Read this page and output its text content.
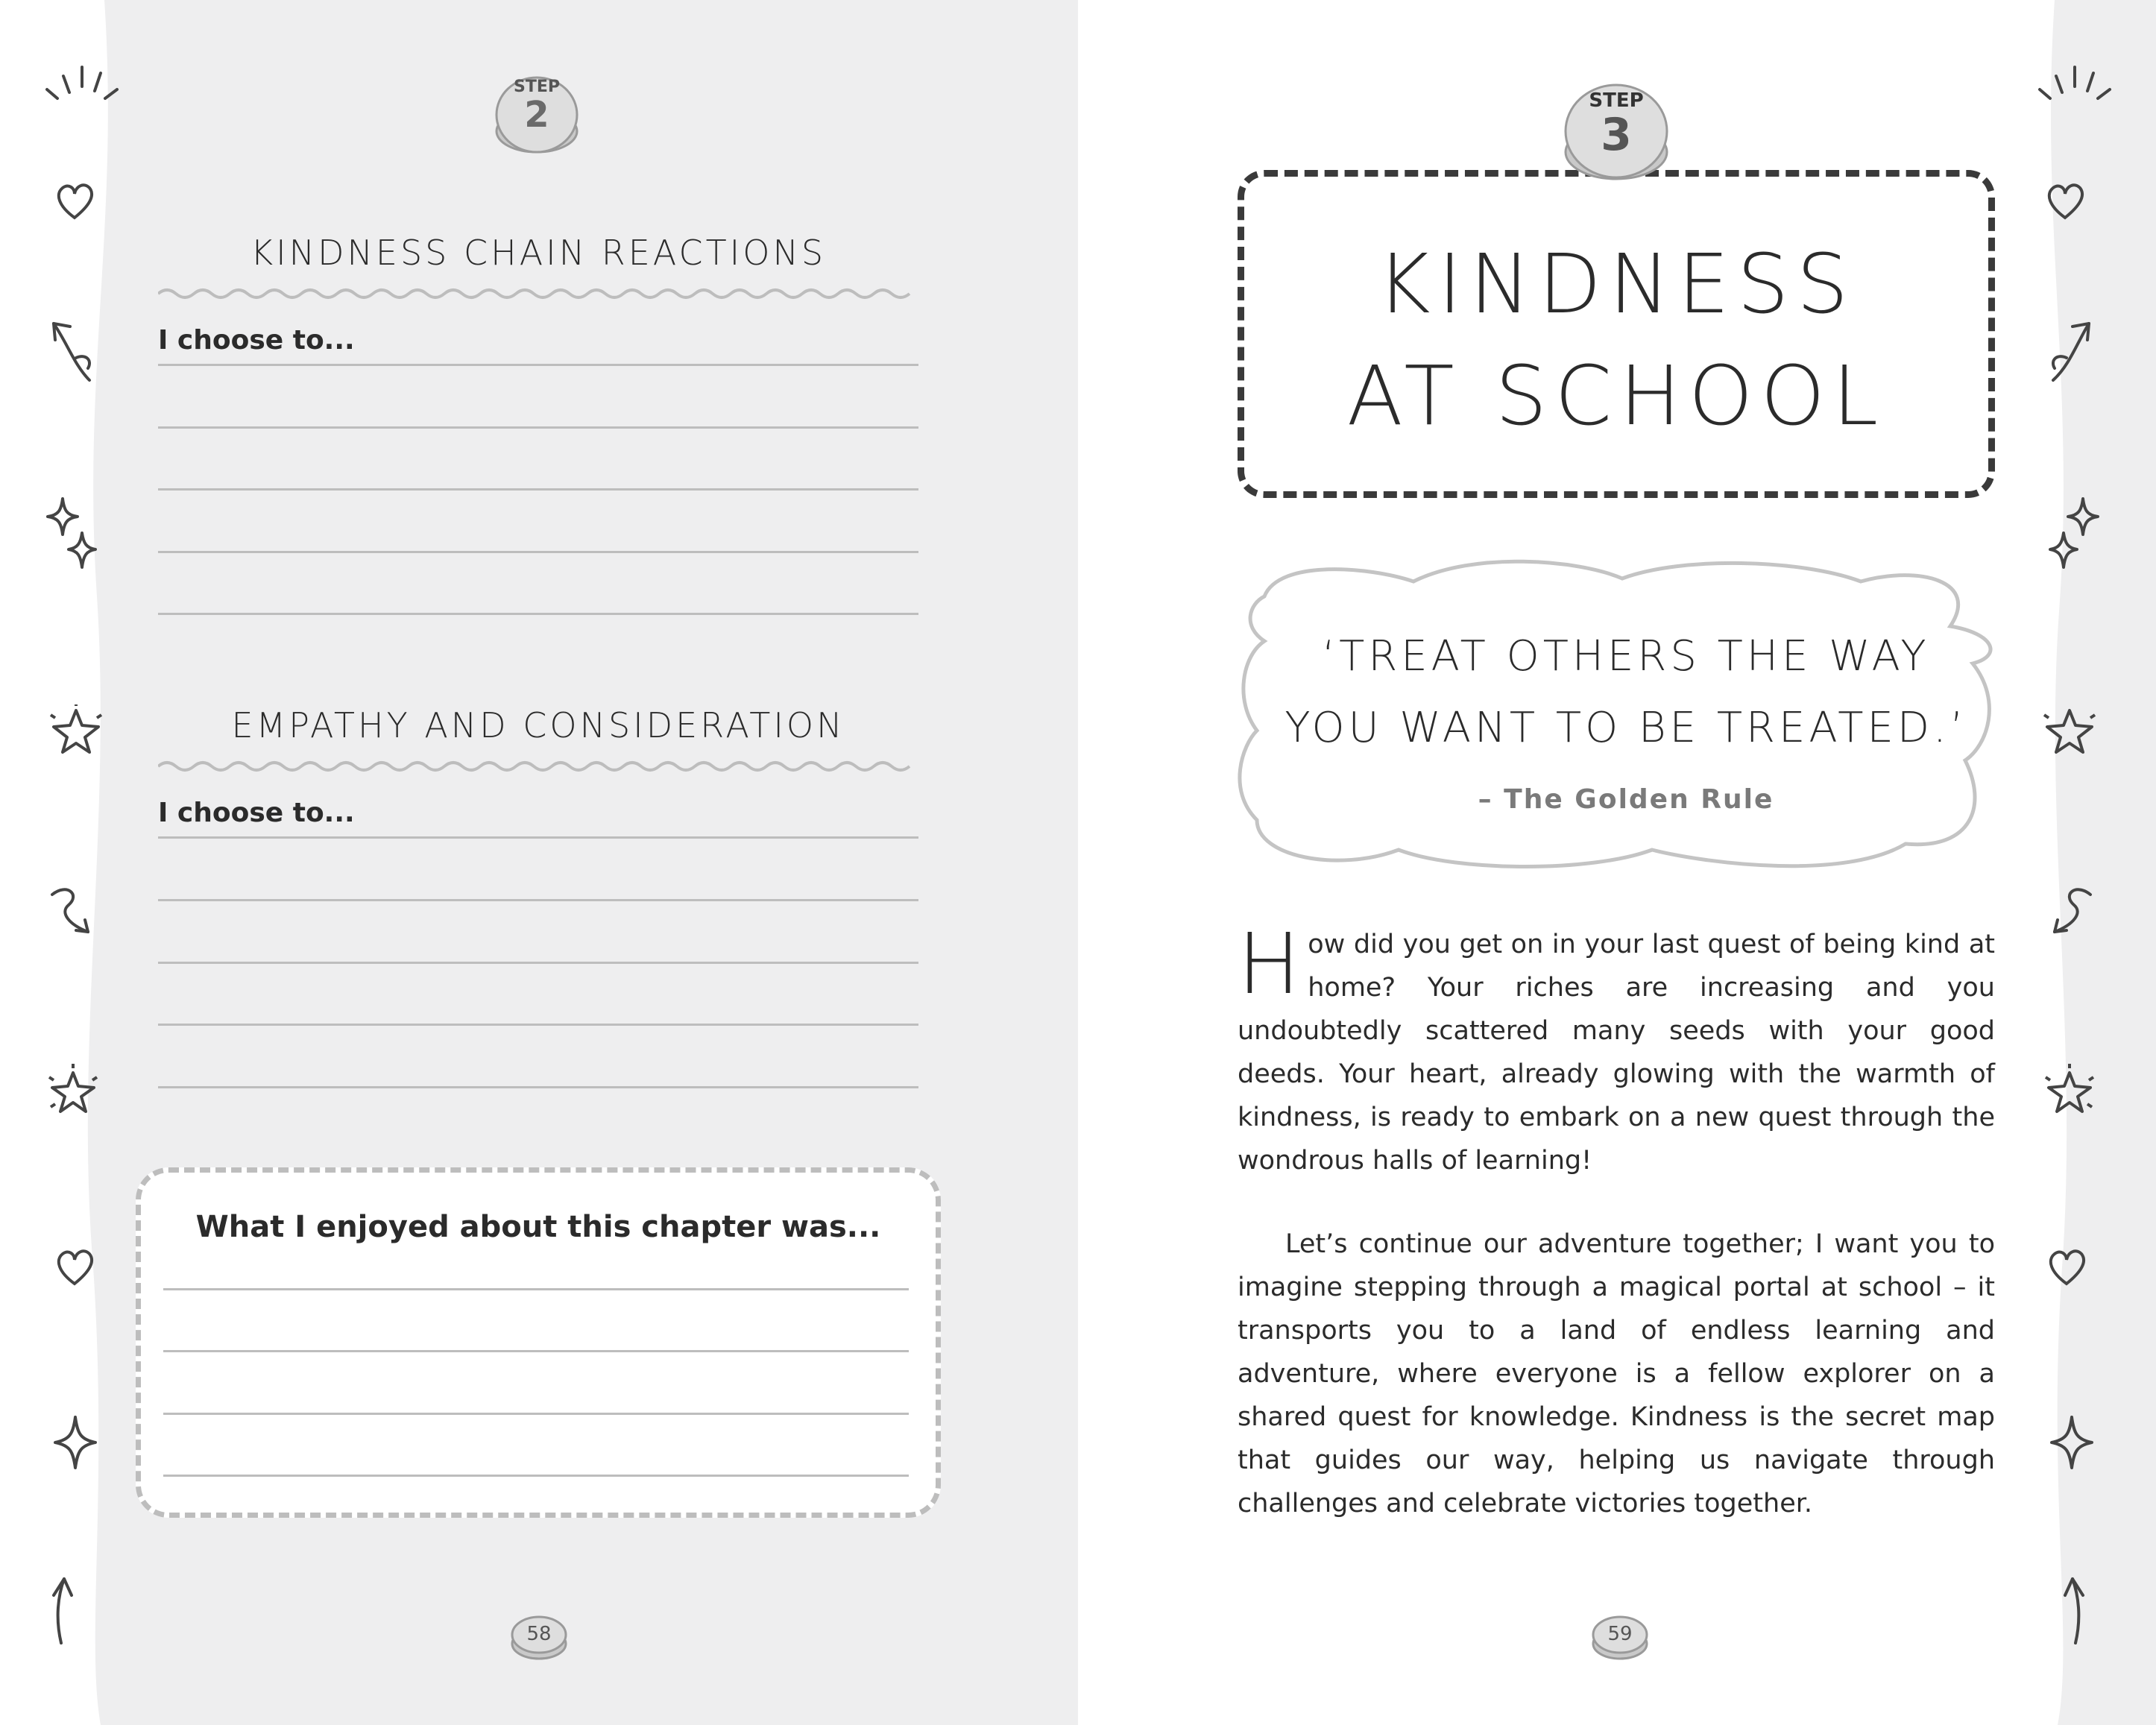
STEP
2
KINDNESS CHAIN REACTIONS
I choose to...
EMPATHY AND CONSIDERATION
I choose to...
What I enjoyed about this chapter was...
58
KINDNESS
AT SCHOOL
STEP
3
‘TREAT OTHERS THE WAY
YOU WANT TO BE TREATED.’
– The Golden Rule
How did you get on in your last quest of being kind at home? Your riches are increasing and you undoubtedly scattered many seeds with your good deeds. Your heart, already glowing with the warmth of kindness, is ready to embark on a new quest through the wondrous halls of learning!
Let’s continue our adventure together; I want you to imagine stepping through a magical portal at school – it transports you to a land of endless learning and adventure, where everyone is a fellow explorer on a shared quest for knowledge. Kindness is the secret map that guides our way, helping us navigate through challenges and celebrate victories together.
59
